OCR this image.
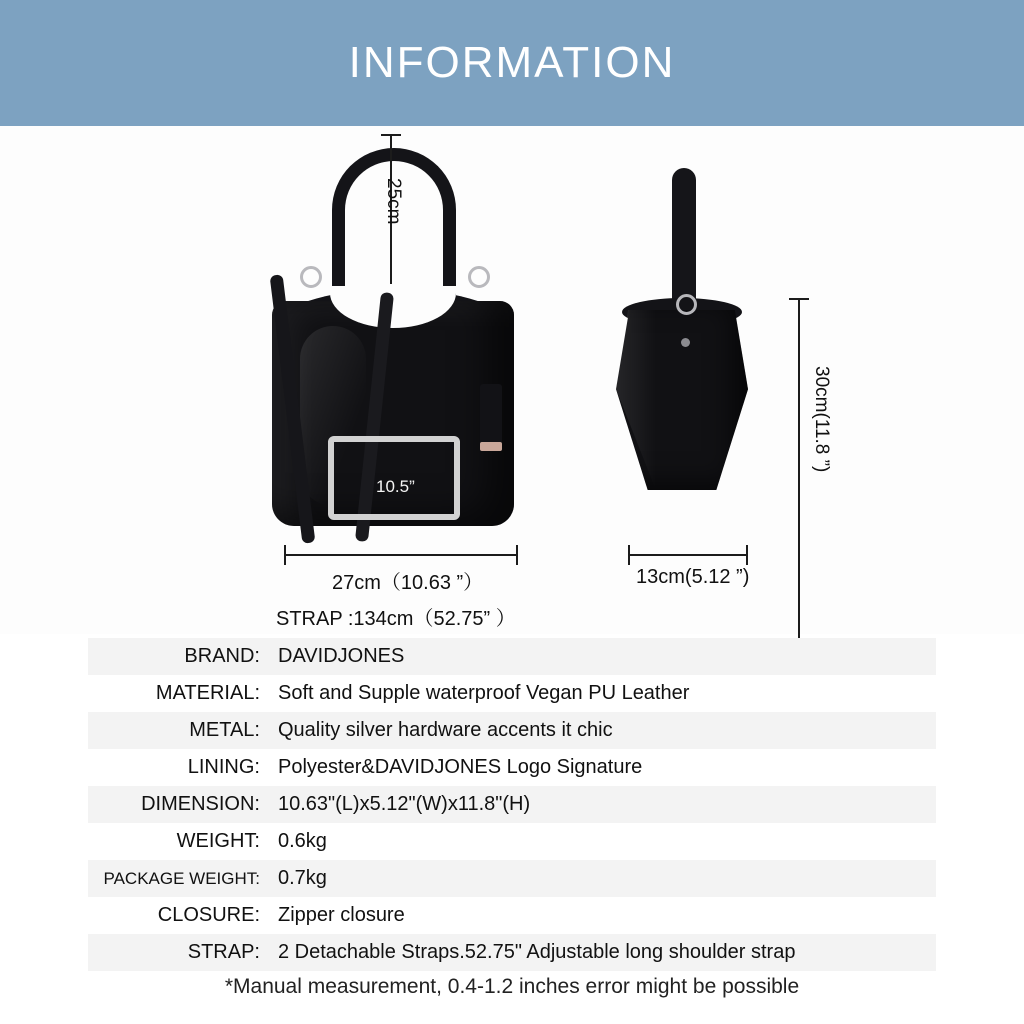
INFORMATION
10.5”
25cm
27cm（10.63 ”）
STRAP :134cm（52.75” ）
30cm(11.8 ”)
13cm(5.12 ”)
BRAND: DAVIDJONES
MATERIAL: Soft and Supple waterproof Vegan PU Leather
METAL: Quality silver hardware accents it chic
LINING: Polyester&DAVIDJONES Logo Signature
DIMENSION: 10.63"(L)x5.12"(W)x11.8"(H)
WEIGHT: 0.6kg
PACKAGE WEIGHT: 0.7kg
CLOSURE: Zipper closure
STRAP: 2 Detachable Straps.52.75" Adjustable long shoulder strap
*Manual measurement, 0.4-1.2 inches error might be possible
